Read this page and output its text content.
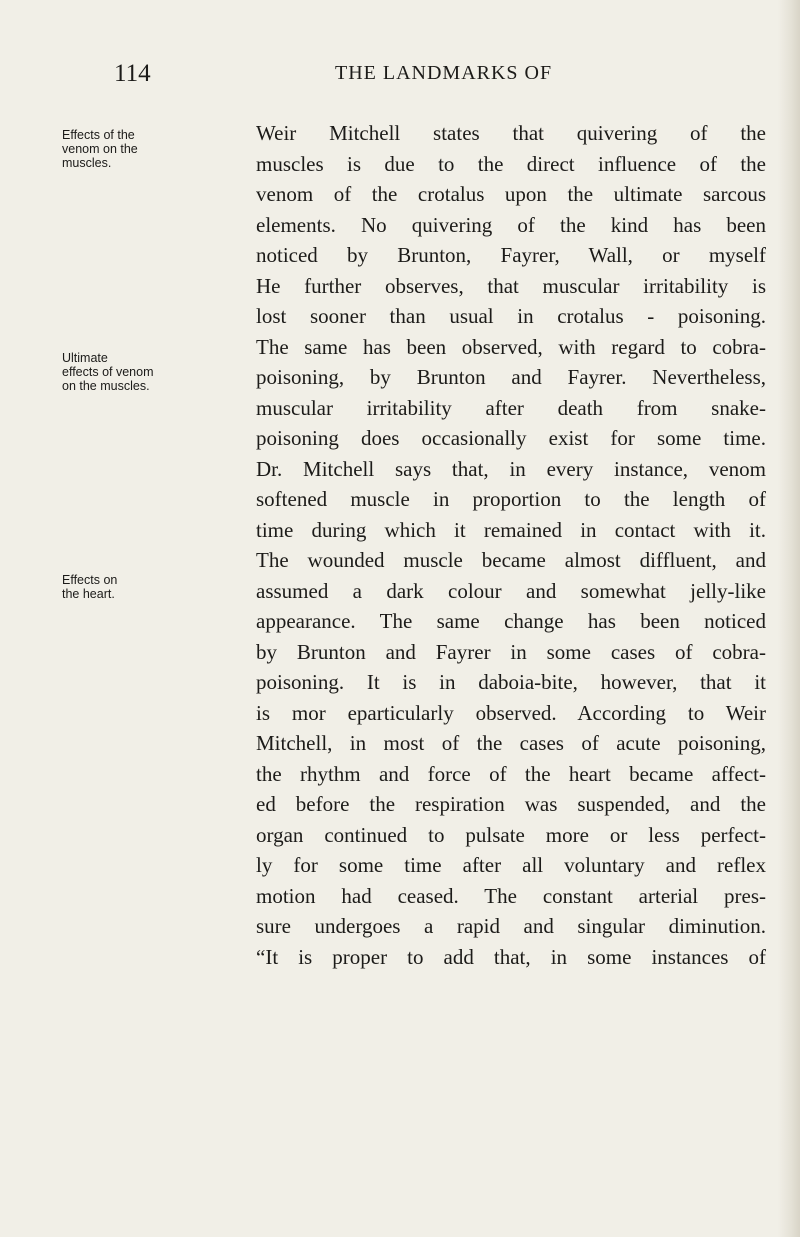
114	THE LANDMARKS OF
Effects of the
venom on the
muscles.
Ultimate
effects of venom
on the muscles.
Effects on
the heart.
Weir Mitchell states that quivering of the
muscles is due to the direct influence of the
venom of the crotalus upon the ultimate sarcous
elements. No quivering of the kind has been
noticed by Brunton, Fayrer, Wall, or myself
He further observes, that muscular irritability is
lost sooner than usual in crotalus - poisoning.
The same has been observed, with regard to cobra-
poisoning, by Brunton and Fayrer. Nevertheless,
muscular irritability after death from snake-
poisoning does occasionally exist for some time.
Dr. Mitchell says that, in every instance, venom
softened muscle in proportion to the length of
time during which it remained in contact with it.
The wounded muscle became almost diffluent, and
assumed a dark colour and somewhat jelly-like
appearance. The same change has been noticed
by Brunton and Fayrer in some cases of cobra-
poisoning. It is in daboia-bite, however, that it
is mor eparticularly observed. According to Weir
Mitchell, in most of the cases of acute poisoning,
the rhythm and force of the heart became affect-
ed before the respiration was suspended, and the
organ continued to pulsate more or less perfect-
ly for some time after all voluntary and reflex
motion had ceased. The constant arterial pres-
sure undergoes a rapid and singular diminution.
“It is proper to add that, in some instances of
